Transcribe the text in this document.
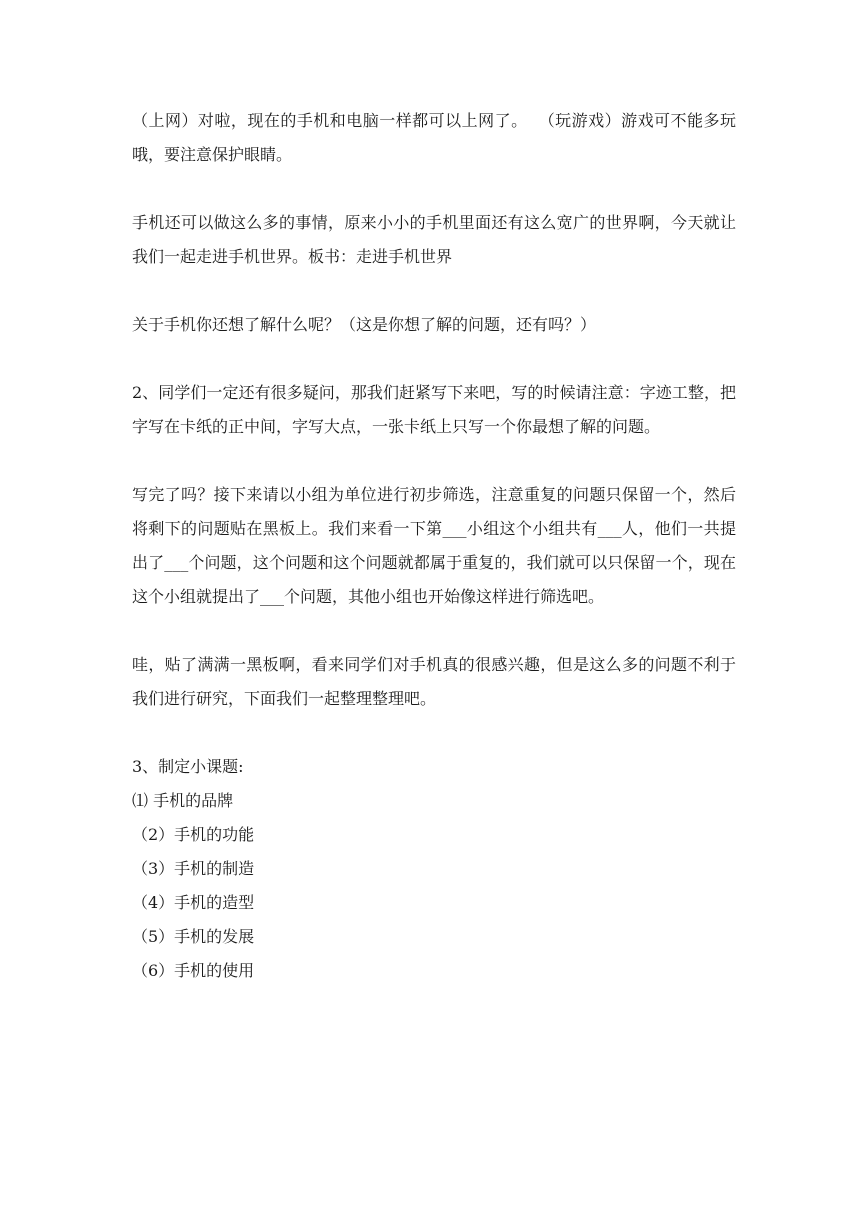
（上网）对啦，现在的手机和电脑一样都可以上网了。  （玩游戏）游戏可不能多玩哦，要注意保护眼睛。

手机还可以做这么多的事情，原来小小的手机里面还有这么宽广的世界啊，今天就让我们一起走进手机世界。板书：走进手机世界

关于手机你还想了解什么呢？（这是你想了解的问题，还有吗？）

2、同学们一定还有很多疑问，那我们赶紧写下来吧，写的时候请注意：字迹工整，把字写在卡纸的正中间，字写大点，一张卡纸上只写一个你最想了解的问题。

写完了吗？接下来请以小组为单位进行初步筛选，注意重复的问题只保留一个，然后将剩下的问题贴在黑板上。我们来看一下第___小组这个小组共有___人，他们一共提出了___个问题，这个问题和这个问题就都属于重复的，我们就可以只保留一个，现在这个小组就提出了___个问题，其他小组也开始像这样进行筛选吧。

哇，贴了满满一黑板啊，看来同学们对手机真的很感兴趣，但是这么多的问题不利于我们进行研究，下面我们一起整理整理吧。

3、制定小课题:

⑴ 手机的品牌

（2）手机的功能

（3）手机的制造

（4）手机的造型

（5）手机的发展

（6）手机的使用
